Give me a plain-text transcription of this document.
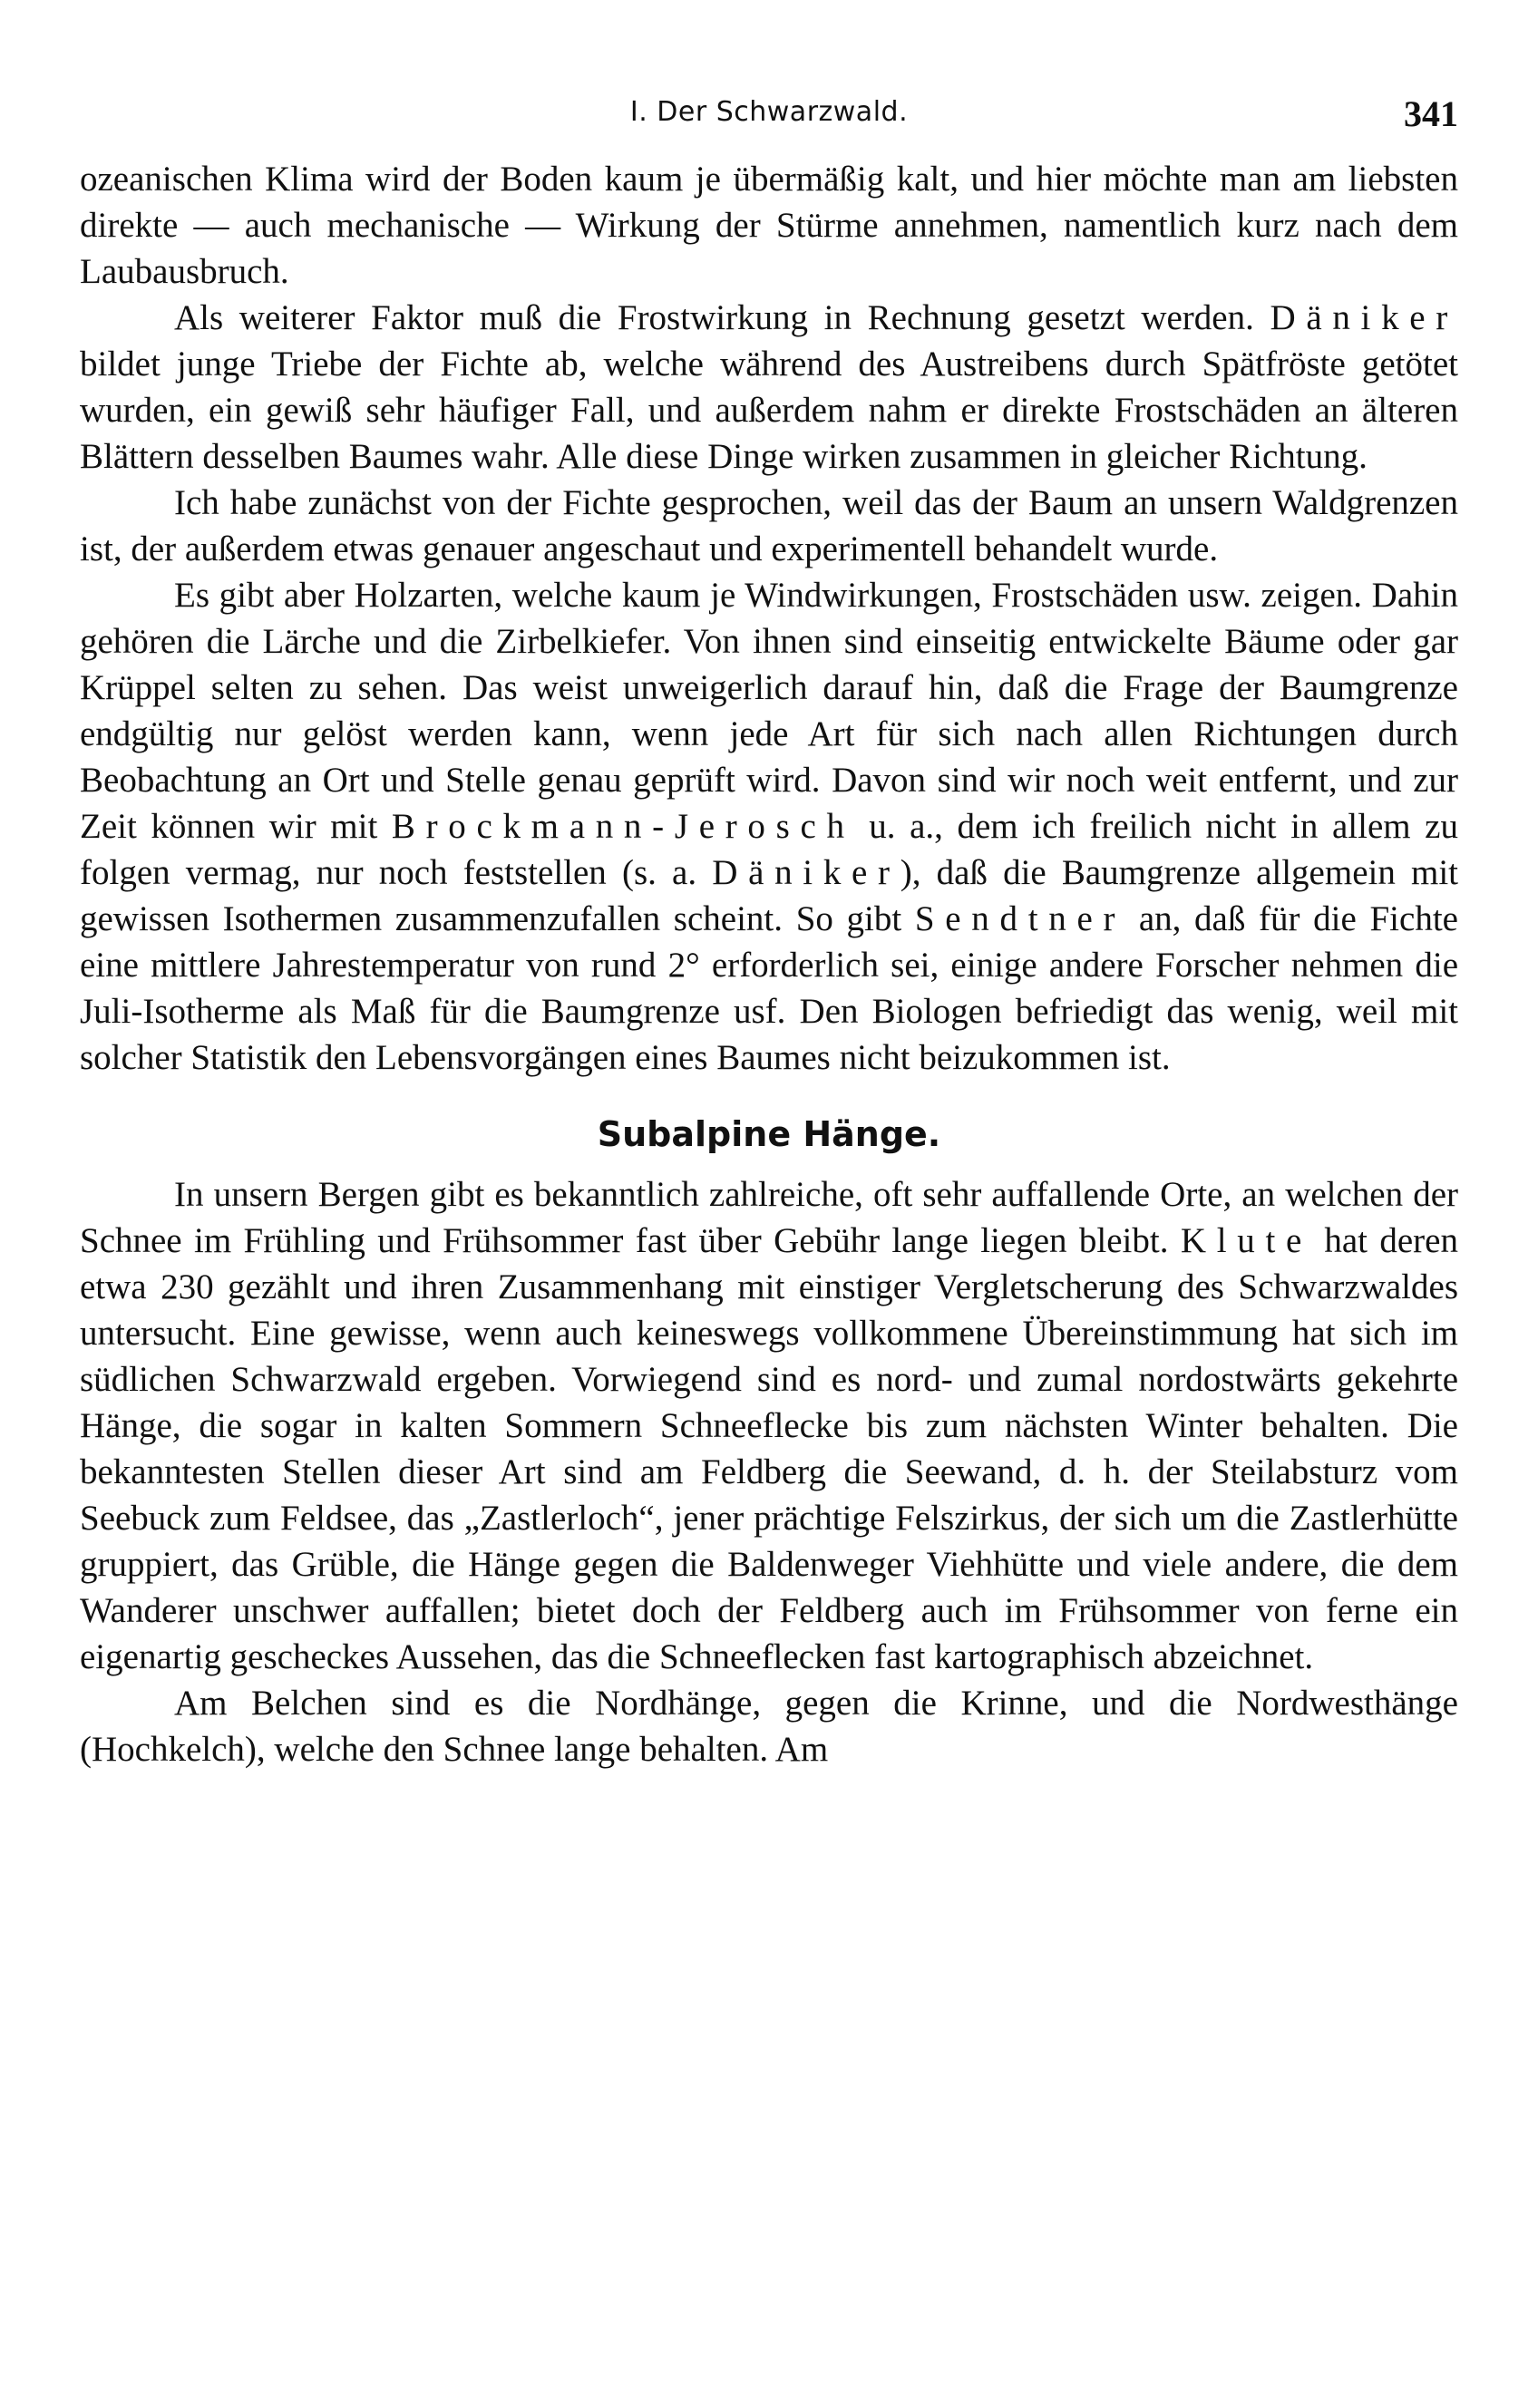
I. Der Schwarzwald.	341

ozeanischen Klima wird der Boden kaum je übermäßig kalt, und hier möchte man am liebsten direkte — auch mechanische — Wirkung der Stürme annehmen, namentlich kurz nach dem Laubausbruch.

Als weiterer Faktor muß die Frostwirkung in Rechnung gesetzt werden. Däniker bildet junge Triebe der Fichte ab, welche während des Austreibens durch Spätfröste getötet wurden, ein gewiß sehr häufiger Fall, und außerdem nahm er direkte Frostschäden an älteren Blättern desselben Baumes wahr. Alle diese Dinge wirken zusammen in gleicher Richtung.

Ich habe zunächst von der Fichte gesprochen, weil das der Baum an unsern Waldgrenzen ist, der außerdem etwas genauer angeschaut und experimentell behandelt wurde.

Es gibt aber Holzarten, welche kaum je Windwirkungen, Frostschäden usw. zeigen. Dahin gehören die Lärche und die Zirbelkiefer. Von ihnen sind einseitig entwickelte Bäume oder gar Krüppel selten zu sehen. Das weist unweigerlich darauf hin, daß die Frage der Baumgrenze endgültig nur gelöst werden kann, wenn jede Art für sich nach allen Richtungen durch Beobachtung an Ort und Stelle genau geprüft wird. Davon sind wir noch weit entfernt, und zur Zeit können wir mit Brockmann-Jerosch u. a., dem ich freilich nicht in allem zu folgen vermag, nur noch feststellen (s. a. Däniker), daß die Baumgrenze allgemein mit gewissen Isothermen zusammenzufallen scheint. So gibt Sendtner an, daß für die Fichte eine mittlere Jahrestemperatur von rund 2° erforderlich sei, einige andere Forscher nehmen die Juli-Isotherme als Maß für die Baumgrenze usf. Den Biologen befriedigt das wenig, weil mit solcher Statistik den Lebensvorgängen eines Baumes nicht beizukommen ist.

Subalpine Hänge.

In unsern Bergen gibt es bekanntlich zahlreiche, oft sehr auffallende Orte, an welchen der Schnee im Frühling und Frühsommer fast über Gebühr lange liegen bleibt. Klute hat deren etwa 230 gezählt und ihren Zusammenhang mit einstiger Vergletscherung des Schwarzwaldes untersucht. Eine gewisse, wenn auch keineswegs vollkommene Übereinstimmung hat sich im südlichen Schwarzwald ergeben. Vorwiegend sind es nord- und zumal nordostwärts gekehrte Hänge, die sogar in kalten Sommern Schneeflecke bis zum nächsten Winter behalten. Die bekanntesten Stellen dieser Art sind am Feldberg die Seewand, d. h. der Steilabsturz vom Seebuck zum Feldsee, das „Zastlerloch“, jener prächtige Felszirkus, der sich um die Zastlerhütte gruppiert, das Grüble, die Hänge gegen die Baldenweger Viehhütte und viele andere, die dem Wanderer unschwer auffallen; bietet doch der Feldberg auch im Frühsommer von ferne ein eigenartig gescheckes Aussehen, das die Schneeflecken fast kartographisch abzeichnet.

Am Belchen sind es die Nordhänge, gegen die Krinne, und die Nordwesthänge (Hochkelch), welche den Schnee lange behalten. Am
